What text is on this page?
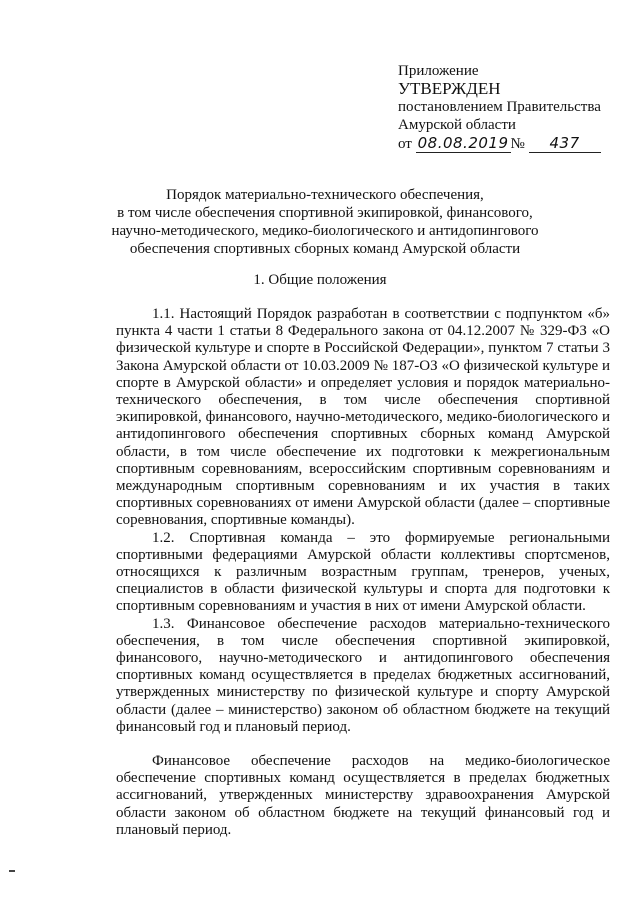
Приложение
УТВЕРЖДЕН
постановлением Правительства
Амурской области
от 08.08.2019 № 437
Порядок материально-технического обеспечения,
в том числе обеспечения спортивной экипировкой, финансового,
научно-методического, медико-биологического и антидопингового
обеспечения спортивных сборных команд Амурской области
1. Общие положения

1.1. Настоящий Порядок разработан в соответствии с подпунктом «б» пункта 4 части 1 статьи 8 Федерального закона от 04.12.2007 № 329-ФЗ «О физической культуре и спорте в Российской Федерации», пунктом 7 статьи 3 Закона Амурской области от 10.03.2009 № 187-ОЗ «О физической культуре и спорте в Амурской области» и определяет условия и порядок материально-технического обеспечения, в том числе обеспечения спортивной экипировкой, финансового, научно-методического, медико-биологического и антидопингового обеспечения спортивных сборных команд Амурской области, в том числе обеспечение их подготовки к межрегиональным спортивным соревнованиям, всероссийским спортивным соревнованиям и международным спортивным соревнованиям и их участия в таких спортивных соревнованиях от имени Амурской области (далее – спортивные соревнования, спортивные команды).

1.2. Спортивная команда – это формируемые региональными спортивными федерациями Амурской области коллективы спортсменов, относящихся к различным возрастным группам, тренеров, ученых, специалистов в области физической культуры и спорта для подготовки к спортивным соревнованиям и участия в них от имени Амурской области.

1.3. Финансовое обеспечение расходов материально-технического обеспечения, в том числе обеспечения спортивной экипировкой, финансового, научно-методического и антидопингового обеспечения спортивных команд осуществляется в пределах бюджетных ассигнований, утвержденных министерству по физической культуре и спорту Амурской области (далее – министерство) законом об областном бюджете на текущий финансовый год и плановый период.

Финансовое обеспечение расходов на медико-биологическое обеспечение спортивных команд осуществляется в пределах бюджетных ассигнований, утвержденных министерству здравоохранения Амурской области законом об областном бюджете на текущий финансовый год и плановый период.
